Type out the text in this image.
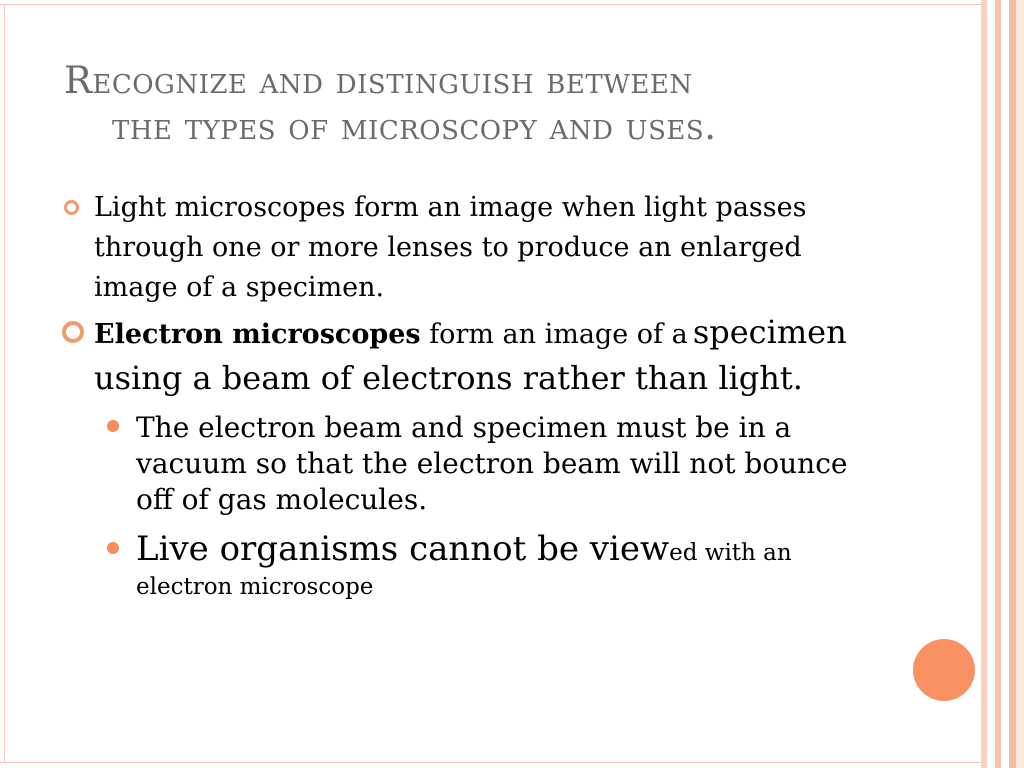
Recognize and distinguish between
the types of microscopy and uses.
Light microscopes form an image when light passes through one or more lenses to produce an enlarged image of a specimen.
Electron microscopes form an image of a specimen using a beam of electrons rather than light.
The electron beam and specimen must be in a vacuum so that the electron beam will not bounce off of gas molecules.
Live organisms cannot be viewed with an electron microscope
